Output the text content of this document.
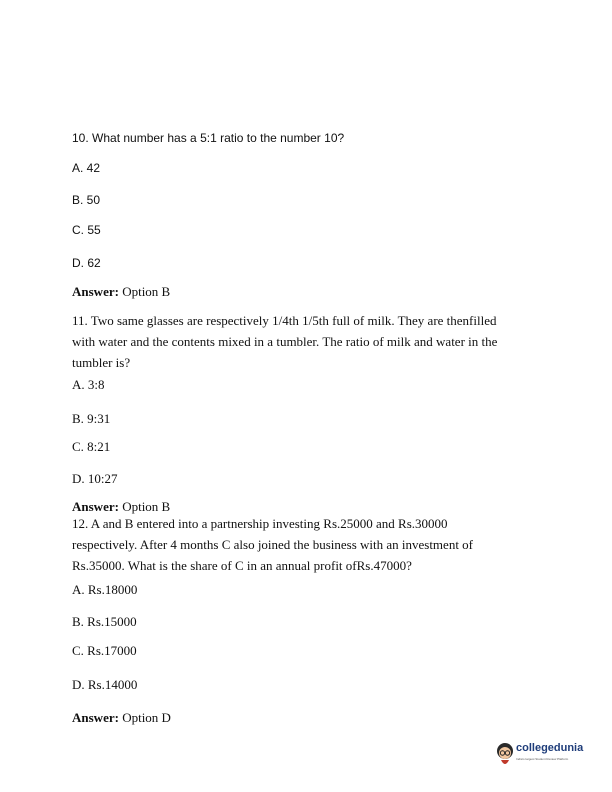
10. What number has a 5:1 ratio to the number 10?
A. 42
B. 50
C. 55
D. 62
Answer: Option B
11. Two same glasses are respectively 1/4th 1/5th full of milk. They are thenfilled
with water and the contents mixed in a tumbler. The ratio of milk and water in the
tumbler is?
A. 3:8
B. 9:31
C. 8:21
D. 10:27
Answer: Option B
12. A and B entered into a partnership investing Rs.25000 and Rs.30000
respectively. After 4 months C also joined the business with an investment of
Rs.35000. What is the share of C in an annual profit ofRs.47000?
A. Rs.18000
B. Rs.15000
C. Rs.17000
D. Rs.14000
Answer: Option D
collegedunia
India's largest Student Review Platform
